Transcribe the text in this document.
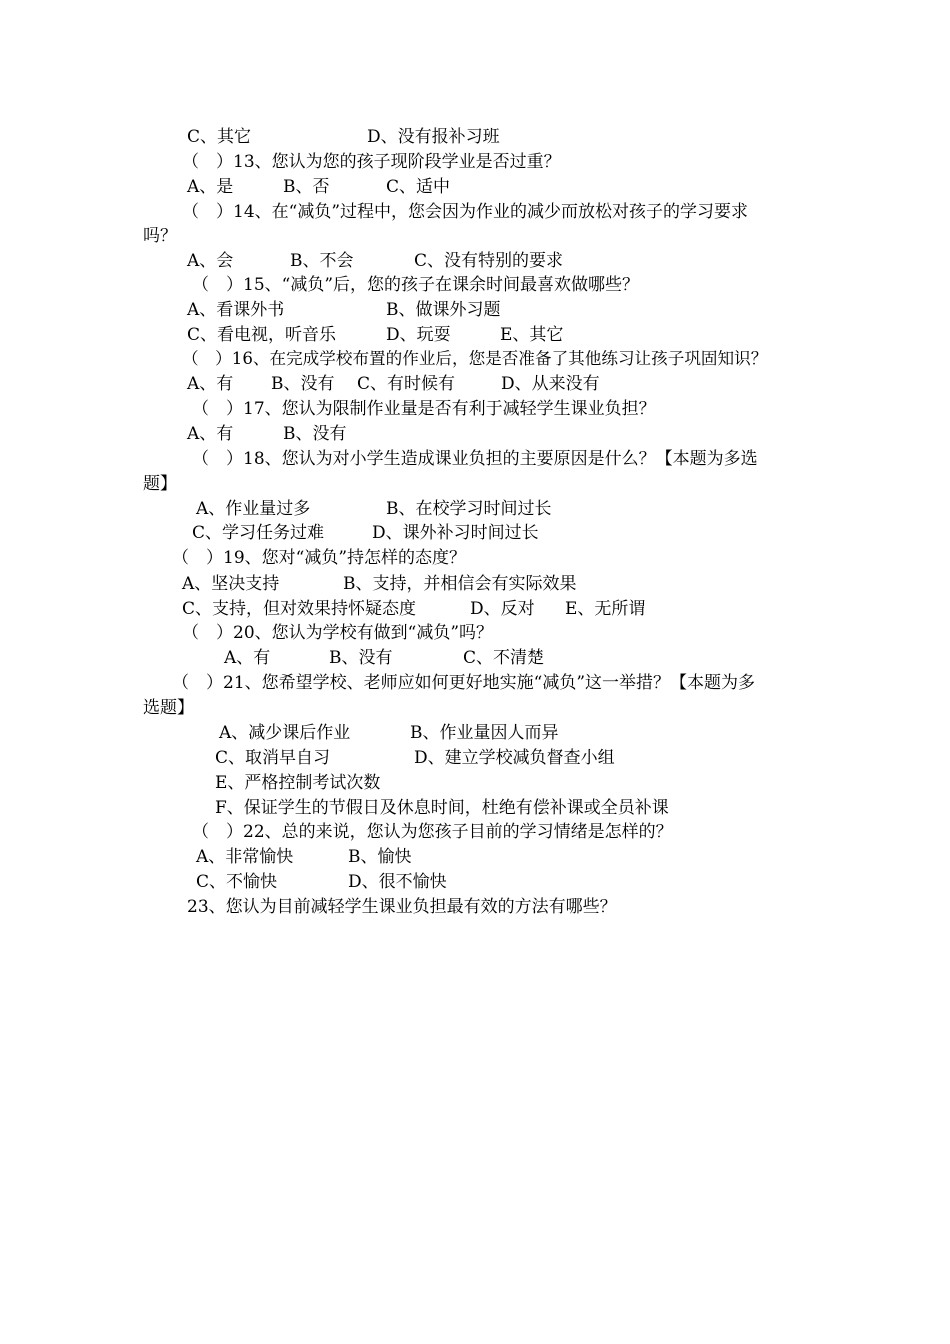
C、其它	D、没有报补习班
（　）13、您认为您的孩子现阶段学业是否过重？
A、是	B、否	C、适中
（　）14、在“减负”过程中，您会因为作业的减少而放松对孩子的学习要求
吗？
A、会	B、不会	C、没有特别的要求
（　）15、“减负”后，您的孩子在课余时间最喜欢做哪些？
A、看课外书	B、做课外习题
C、看电视，听音乐	D、玩耍	E、其它
（　）16、在完成学校布置的作业后，您是否准备了其他练习让孩子巩固知识？
A、有 B、没有 C、有时候有	D、从来没有
（　）17、您认为限制作业量是否有利于减轻学生课业负担？
A、有	B、没有
（　）18、您认为对小学生造成课业负担的主要原因是什么？【本题为多选
题】
A、作业量过多	B、在校学习时间过长
C、学习任务过难	D、课外补习时间过长
（　）19、您对“减负”持怎样的态度？
A、坚决支持	B、支持，并相信会有实际效果
C、支持，但对效果持怀疑态度	D、反对 E、无所谓
（　）20、您认为学校有做到“减负”吗？
A、有	B、没有	C、不清楚
（　）21、您希望学校、老师应如何更好地实施“减负”这一举措？【本题为多
选题】
A、减少课后作业	B、作业量因人而异
C、取消早自习	D、建立学校减负督查小组
E、严格控制考试次数
F、保证学生的节假日及休息时间，杜绝有偿补课或全员补课
（　）22、总的来说，您认为您孩子目前的学习情绪是怎样的？
A、非常愉快	B、愉快
C、不愉快	D、很不愉快
23、您认为目前减轻学生课业负担最有效的方法有哪些？
